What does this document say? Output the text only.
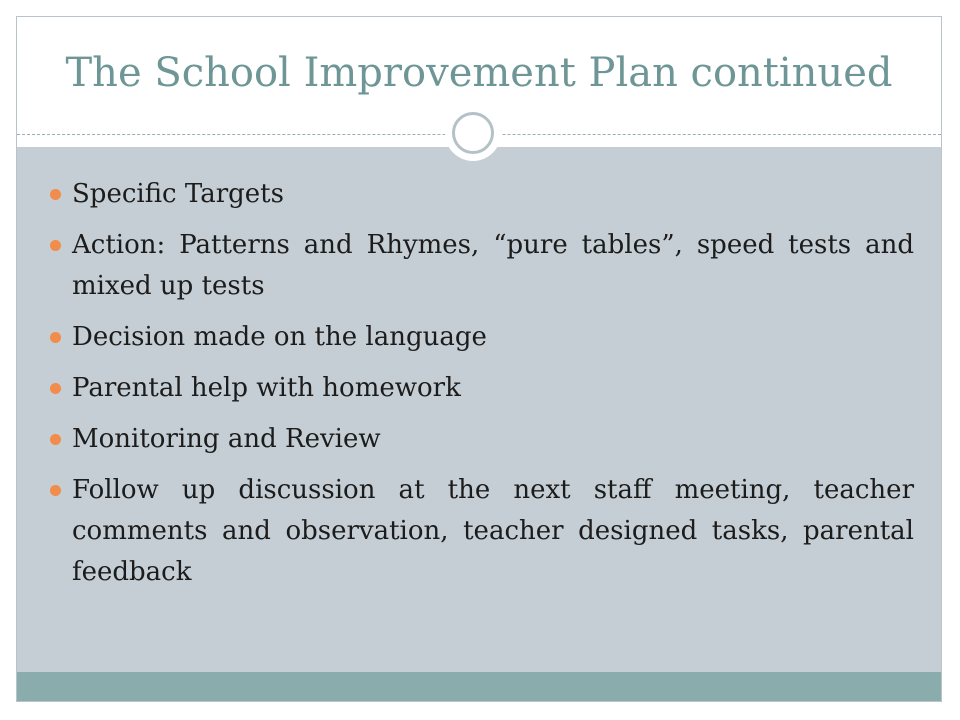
The School Improvement Plan continued
Specific Targets
Action: Patterns and Rhymes, “pure tables”, speed tests and mixed up tests
Decision made on the language
Parental help with homework
Monitoring and Review
Follow up discussion at the next staff meeting, teacher comments and observation, teacher designed tasks, parental feedback
